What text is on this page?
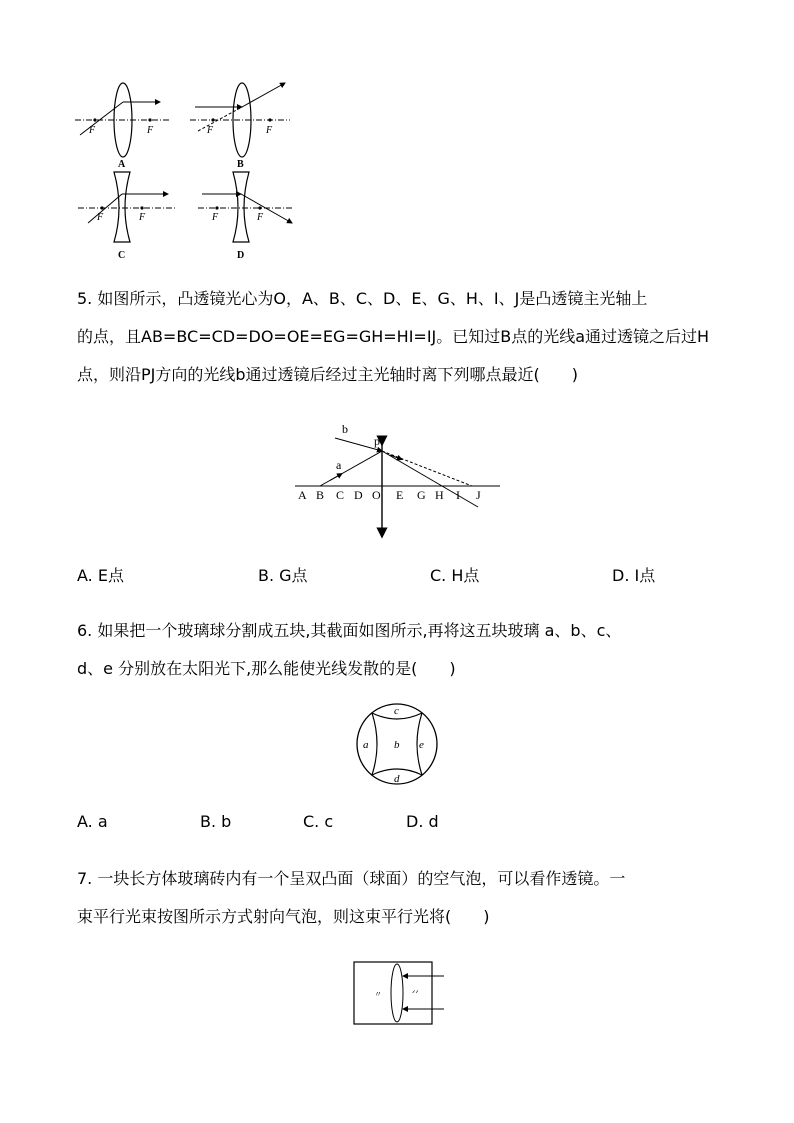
F	F
A
F	F
B
F	F
C
F	F
D
5. 如图所示，凸透镜光心为O，A、B、C、D、E、G、H、I、J是凸透镜主光轴上
的点，且AB=BC=CD=DO=OE=EG=GH=HI=IJ。已知过B点的光线a通过透镜之后过H
点，则沿PJ方向的光线b通过透镜后经过主光轴时离下列哪点最近(　　)
b
a
p
A B C D O E G H I J
A. E点	B. G点	C. H点	D. I点
6. 如果把一个玻璃球分割成五块,其截面如图所示,再将这五块玻璃 a、b、c、
d、e 分别放在太阳光下,那么能使光线发散的是(　　)
a b
c
d
e
A. a	B. b	C. c	D. d
7. 一块长方体玻璃砖内有一个呈双凸面（球面）的空气泡，可以看作透镜。一
束平行光束按图所示方式射向气泡，则这束平行光将(　　)
〃	ᐟᐟ
